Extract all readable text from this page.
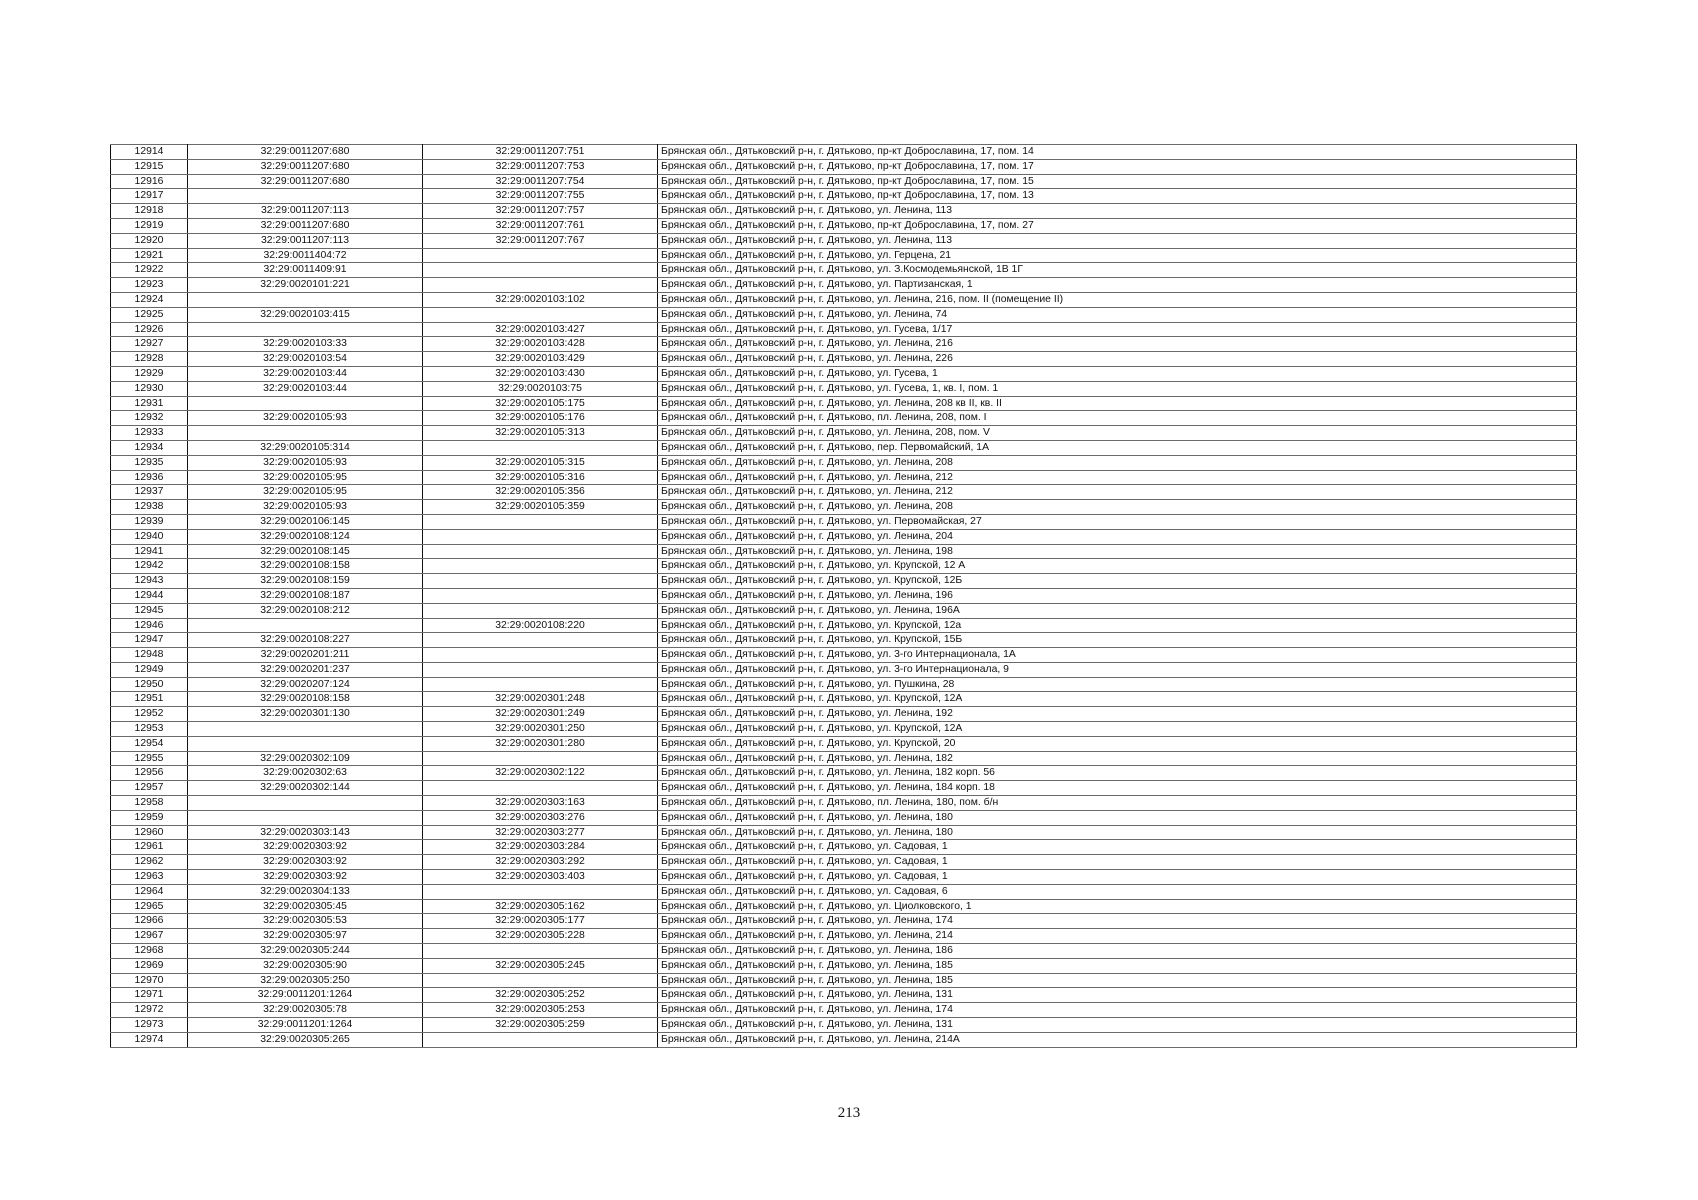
12914	32:29:0011207:680	32:29:0011207:751	Брянская обл., Дятьковский р-н, г. Дятьково, пр-кт Доброславина, 17, пом. 14
12915	32:29:0011207:680	32:29:0011207:753	Брянская обл., Дятьковский р-н, г. Дятьково, пр-кт Доброславина, 17, пом. 17
12916	32:29:0011207:680	32:29:0011207:754	Брянская обл., Дятьковский р-н, г. Дятьково, пр-кт Доброславина, 17, пом. 15
12917		32:29:0011207:755	Брянская обл., Дятьковский р-н, г. Дятьково, пр-кт Доброславина, 17, пом. 13
12918	32:29:0011207:113	32:29:0011207:757	Брянская обл., Дятьковский р-н, г. Дятьково, ул. Ленина, 113
12919	32:29:0011207:680	32:29:0011207:761	Брянская обл., Дятьковский р-н, г. Дятьково, пр-кт Доброславина, 17, пом. 27
12920	32:29:0011207:113	32:29:0011207:767	Брянская обл., Дятьковский р-н, г. Дятьково, ул. Ленина, 113
12921	32:29:0011404:72		Брянская обл., Дятьковский р-н, г. Дятьково, ул. Герцена, 21
12922	32:29:0011409:91		Брянская обл., Дятьковский р-н, г. Дятьково, ул. З.Космодемьянской, 1В 1Г
12923	32:29:0020101:221		Брянская обл., Дятьковский р-н, г. Дятьково, ул. Партизанская, 1
12924		32:29:0020103:102	Брянская обл., Дятьковский р-н, г. Дятьково, ул. Ленина, 216, пом. II (помещение II)
12925	32:29:0020103:415		Брянская обл., Дятьковский р-н, г. Дятьково, ул. Ленина, 74
12926		32:29:0020103:427	Брянская обл., Дятьковский р-н, г. Дятьково, ул. Гусева, 1/17
12927	32:29:0020103:33	32:29:0020103:428	Брянская обл., Дятьковский р-н, г. Дятьково, ул. Ленина, 216
12928	32:29:0020103:54	32:29:0020103:429	Брянская обл., Дятьковский р-н, г. Дятьково, ул. Ленина, 226
12929	32:29:0020103:44	32:29:0020103:430	Брянская обл., Дятьковский р-н, г. Дятьково, ул. Гусева, 1
12930	32:29:0020103:44	32:29:0020103:75	Брянская обл., Дятьковский р-н, г. Дятьково, ул. Гусева, 1, кв. I, пом. 1
12931		32:29:0020105:175	Брянская обл., Дятьковский р-н, г. Дятьково, ул. Ленина, 208 кв II, кв. II
12932	32:29:0020105:93	32:29:0020105:176	Брянская обл., Дятьковский р-н, г. Дятьково, пл. Ленина, 208, пом. I
12933		32:29:0020105:313	Брянская обл., Дятьковский р-н, г. Дятьково, ул. Ленина, 208, пом. V
12934	32:29:0020105:314		Брянская обл., Дятьковский р-н, г. Дятьково, пер. Первомайский, 1А
12935	32:29:0020105:93	32:29:0020105:315	Брянская обл., Дятьковский р-н, г. Дятьково, ул. Ленина, 208
12936	32:29:0020105:95	32:29:0020105:316	Брянская обл., Дятьковский р-н, г. Дятьково, ул. Ленина, 212
12937	32:29:0020105:95	32:29:0020105:356	Брянская обл., Дятьковский р-н, г. Дятьково, ул. Ленина, 212
12938	32:29:0020105:93	32:29:0020105:359	Брянская обл., Дятьковский р-н, г. Дятьково, ул. Ленина, 208
12939	32:29:0020106:145		Брянская обл., Дятьковский р-н, г. Дятьково, ул. Первомайская, 27
12940	32:29:0020108:124		Брянская обл., Дятьковский р-н, г. Дятьково, ул. Ленина, 204
12941	32:29:0020108:145		Брянская обл., Дятьковский р-н, г. Дятьково, ул. Ленина, 198
12942	32:29:0020108:158		Брянская обл., Дятьковский р-н, г. Дятьково, ул. Крупской, 12 А
12943	32:29:0020108:159		Брянская обл., Дятьковский р-н, г. Дятьково, ул. Крупской, 12Б
12944	32:29:0020108:187		Брянская обл., Дятьковский р-н, г. Дятьково, ул. Ленина, 196
12945	32:29:0020108:212		Брянская обл., Дятьковский р-н, г. Дятьково, ул. Ленина, 196А
12946		32:29:0020108:220	Брянская обл., Дятьковский р-н, г. Дятьково, ул. Крупской, 12а
12947	32:29:0020108:227		Брянская обл., Дятьковский р-н, г. Дятьково, ул. Крупской, 15Б
12948	32:29:0020201:211		Брянская обл., Дятьковский р-н, г. Дятьково, ул. 3-го Интернационала, 1А
12949	32:29:0020201:237		Брянская обл., Дятьковский р-н, г. Дятьково, ул. 3-го Интернационала, 9
12950	32:29:0020207:124		Брянская обл., Дятьковский р-н, г. Дятьково, ул. Пушкина, 28
12951	32:29:0020108:158	32:29:0020301:248	Брянская обл., Дятьковский р-н, г. Дятьково, ул. Крупской, 12А
12952	32:29:0020301:130	32:29:0020301:249	Брянская обл., Дятьковский р-н, г. Дятьково, ул. Ленина, 192
12953		32:29:0020301:250	Брянская обл., Дятьковский р-н, г. Дятьково, ул. Крупской, 12А
12954		32:29:0020301:280	Брянская обл., Дятьковский р-н, г. Дятьково, ул. Крупской, 20
12955	32:29:0020302:109		Брянская обл., Дятьковский р-н, г. Дятьково, ул. Ленина, 182
12956	32:29:0020302:63	32:29:0020302:122	Брянская обл., Дятьковский р-н, г. Дятьково, ул. Ленина, 182 корп. 56
12957	32:29:0020302:144		Брянская обл., Дятьковский р-н, г. Дятьково, ул. Ленина, 184 корп. 18
12958		32:29:0020303:163	Брянская обл., Дятьковский р-н, г. Дятьково, пл. Ленина, 180, пом. б/н
12959		32:29:0020303:276	Брянская обл., Дятьковский р-н, г. Дятьково, ул. Ленина, 180
12960	32:29:0020303:143	32:29:0020303:277	Брянская обл., Дятьковский р-н, г. Дятьково, ул. Ленина, 180
12961	32:29:0020303:92	32:29:0020303:284	Брянская обл., Дятьковский р-н, г. Дятьково, ул. Садовая, 1
12962	32:29:0020303:92	32:29:0020303:292	Брянская обл., Дятьковский р-н, г. Дятьково, ул. Садовая, 1
12963	32:29:0020303:92	32:29:0020303:403	Брянская обл., Дятьковский р-н, г. Дятьково, ул. Садовая, 1
12964	32:29:0020304:133		Брянская обл., Дятьковский р-н, г. Дятьково, ул. Садовая, 6
12965	32:29:0020305:45	32:29:0020305:162	Брянская обл., Дятьковский р-н, г. Дятьково, ул. Циолковского, 1
12966	32:29:0020305:53	32:29:0020305:177	Брянская обл., Дятьковский р-н, г. Дятьково, ул. Ленина, 174
12967	32:29:0020305:97	32:29:0020305:228	Брянская обл., Дятьковский р-н, г. Дятьково, ул. Ленина, 214
12968	32:29:0020305:244		Брянская обл., Дятьковский р-н, г. Дятьково, ул. Ленина, 186
12969	32:29:0020305:90	32:29:0020305:245	Брянская обл., Дятьковский р-н, г. Дятьково, ул. Ленина, 185
12970	32:29:0020305:250		Брянская обл., Дятьковский р-н, г. Дятьково, ул. Ленина, 185
12971	32:29:0011201:1264	32:29:0020305:252	Брянская обл., Дятьковский р-н, г. Дятьково, ул. Ленина, 131
12972	32:29:0020305:78	32:29:0020305:253	Брянская обл., Дятьковский р-н, г. Дятьково, ул. Ленина, 174
12973	32:29:0011201:1264	32:29:0020305:259	Брянская обл., Дятьковский р-н, г. Дятьково, ул. Ленина, 131
12974	32:29:0020305:265		Брянская обл., Дятьковский р-н, г. Дятьково, ул. Ленина, 214А
213
